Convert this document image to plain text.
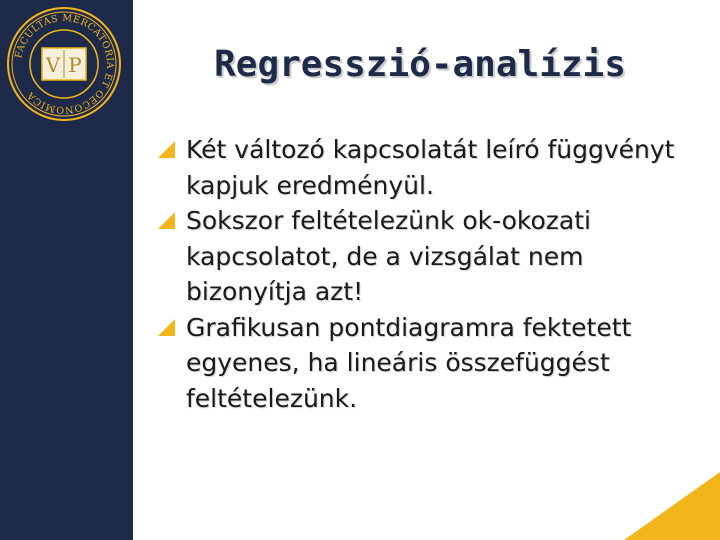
FACULTAS MERCATORIA ET OECONOMICA
V P	Regresszió-analízis
Két változó kapcsolatát leíró függvényt kapjuk eredményül.
Sokszor feltételezünk ok-okozati kapcsolatot, de a vizsgálat nem bizonyítja azt!
Grafikusan pontdiagramra fektetett egyenes, ha lineáris összefüggést feltételezünk.
